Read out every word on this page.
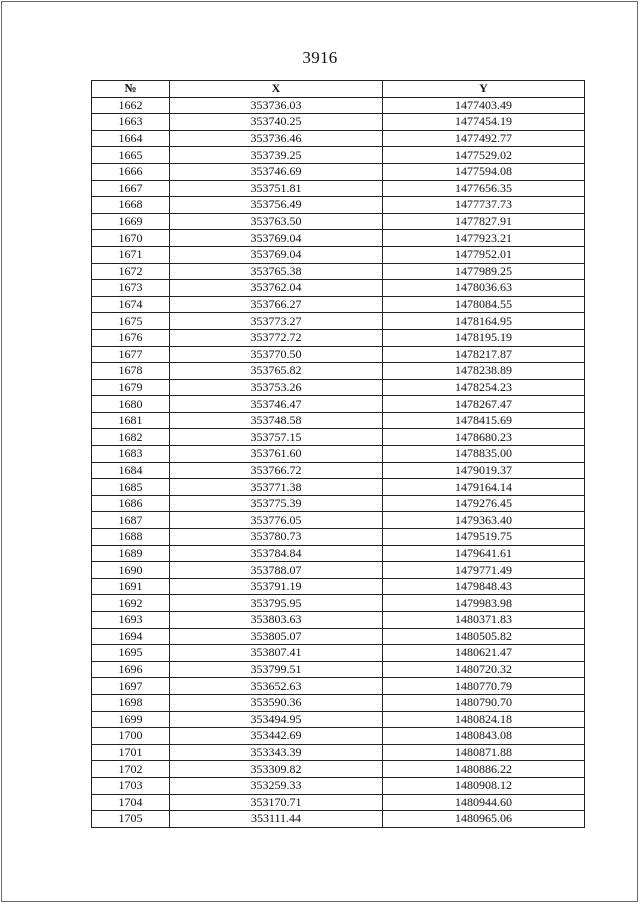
3916
№	X	Y
1662	353736.03	1477403.49
1663	353740.25	1477454.19
1664	353736.46	1477492.77
1665	353739.25	1477529.02
1666	353746.69	1477594.08
1667	353751.81	1477656.35
1668	353756.49	1477737.73
1669	353763.50	1477827.91
1670	353769.04	1477923.21
1671	353769.04	1477952.01
1672	353765.38	1477989.25
1673	353762.04	1478036.63
1674	353766.27	1478084.55
1675	353773.27	1478164.95
1676	353772.72	1478195.19
1677	353770.50	1478217.87
1678	353765.82	1478238.89
1679	353753.26	1478254.23
1680	353746.47	1478267.47
1681	353748.58	1478415.69
1682	353757.15	1478680.23
1683	353761.60	1478835.00
1684	353766.72	1479019.37
1685	353771.38	1479164.14
1686	353775.39	1479276.45
1687	353776.05	1479363.40
1688	353780.73	1479519.75
1689	353784.84	1479641.61
1690	353788.07	1479771.49
1691	353791.19	1479848.43
1692	353795.95	1479983.98
1693	353803.63	1480371.83
1694	353805.07	1480505.82
1695	353807.41	1480621.47
1696	353799.51	1480720.32
1697	353652.63	1480770.79
1698	353590.36	1480790.70
1699	353494.95	1480824.18
1700	353442.69	1480843.08
1701	353343.39	1480871.88
1702	353309.82	1480886.22
1703	353259.33	1480908.12
1704	353170.71	1480944.60
1705	353111.44	1480965.06
